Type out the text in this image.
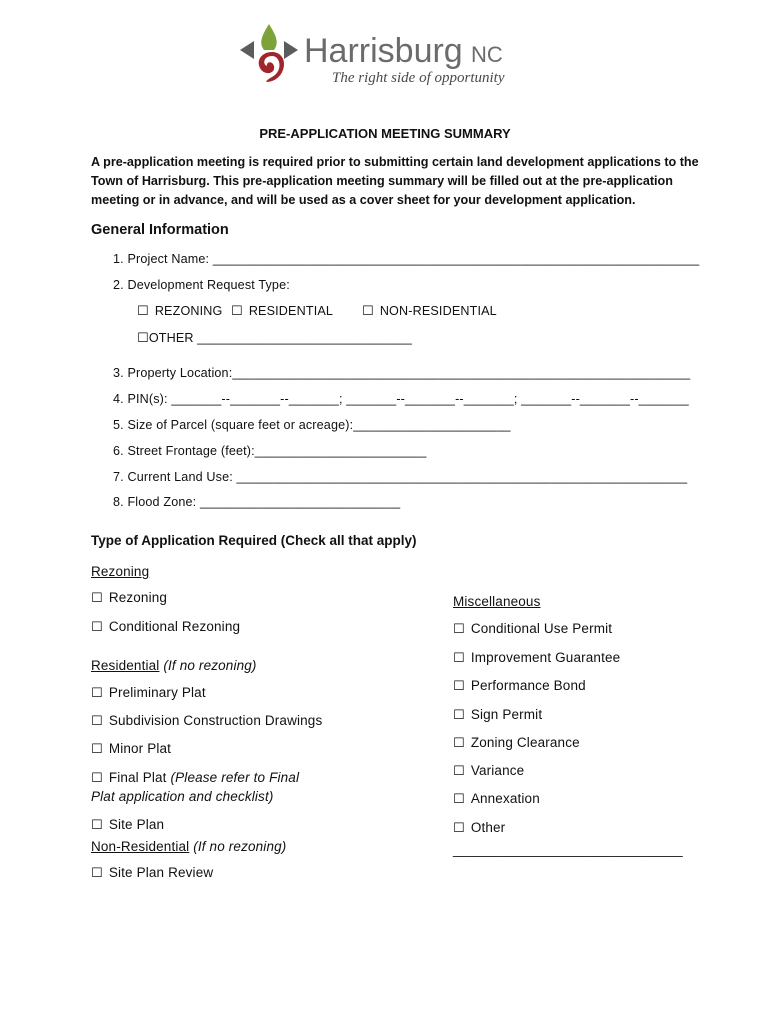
Harrisburg NC
The right side of opportunity
PRE-APPLICATION MEETING SUMMARY
A pre-application meeting is required prior to submitting certain land development applications to the
Town of Harrisburg. This pre-application meeting summary will be filled out at the pre-application
meeting or in advance, and will be used as a cover sheet for your development application.
General Information
1. Project Name: ____________________________________________________________________
2. Development Request Type:
☐ REZONING ☐ RESIDENTIAL ☐ NON-RESIDENTIAL
☐OTHER ______________________________
3. Property Location:________________________________________________________________
4. PIN(s): _______--_______--_______; _______--_______--_______; _______--_______--_______
5. Size of Parcel (square feet or acreage):______________________
6. Street Frontage (feet):________________________
7. Current Land Use: _______________________________________________________________
8. Flood Zone: ____________________________
Type of Application Required (Check all that apply)
Rezoning
☐ Rezoning
☐ Conditional Rezoning
Residential (If no rezoning)
☐ Preliminary Plat
☐ Subdivision Construction Drawings
☐ Minor Plat
☐ Final Plat (Please refer to Final
Plat application and checklist)
☐ Site Plan
Non-Residential (If no rezoning)
☐ Site Plan Review
Miscellaneous
☐ Conditional Use Permit
☐ Improvement Guarantee
☐ Performance Bond
☐ Sign Permit
☐ Zoning Clearance
☐ Variance
☐ Annexation
☐ Other
______________________________
